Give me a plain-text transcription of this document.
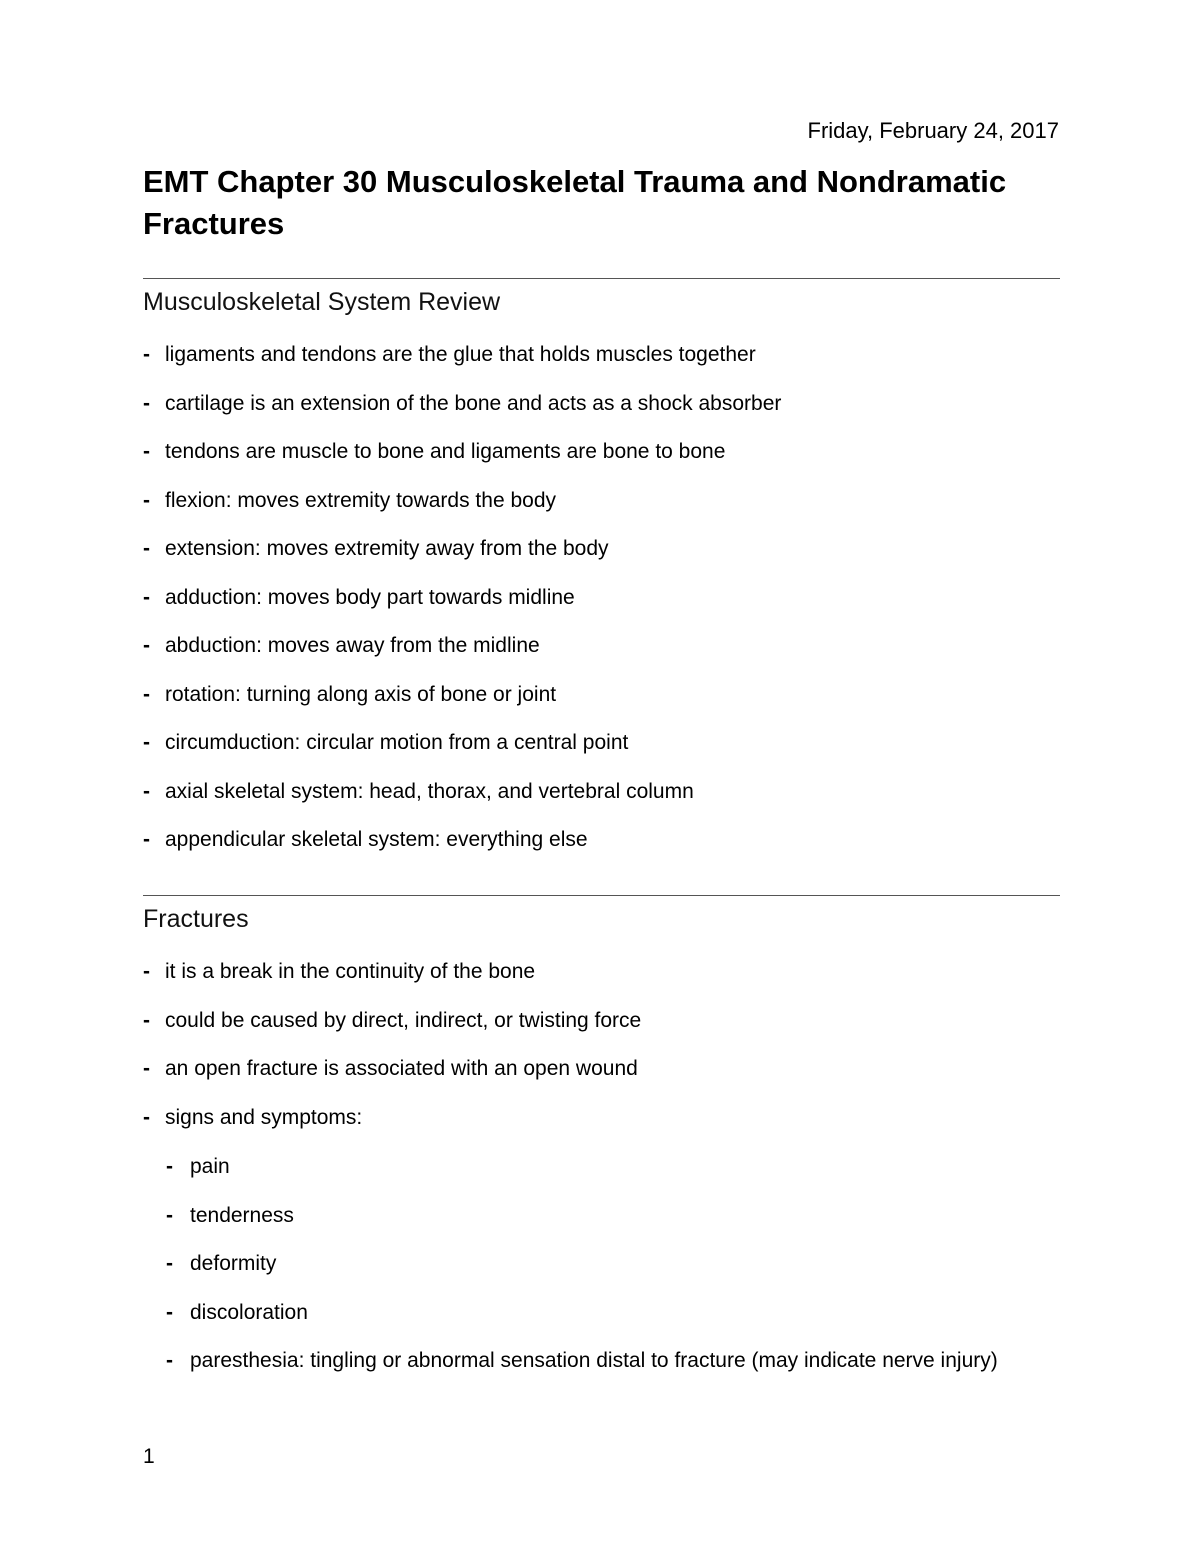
Friday, February 24, 2017
EMT Chapter 30 Musculoskeletal Trauma and Nondramatic Fractures
Musculoskeletal System Review
- ligaments and tendons are the glue that holds muscles together
- cartilage is an extension of the bone and acts as a shock absorber
- tendons are muscle to bone and ligaments are bone to bone
- flexion: moves extremity towards the body
- extension: moves extremity away from the body
- adduction: moves body part towards midline
- abduction: moves away from the midline
- rotation: turning along axis of bone or joint
- circumduction: circular motion from a central point
- axial skeletal system: head, thorax, and vertebral column
- appendicular skeletal system: everything else
Fractures
- it is a break in the continuity of the bone
- could be caused by direct, indirect, or twisting force
- an open fracture is associated with an open wound
- signs and symptoms:
- pain
- tenderness
- deformity
- discoloration
- paresthesia: tingling or abnormal sensation distal to fracture (may indicate nerve injury)
1
